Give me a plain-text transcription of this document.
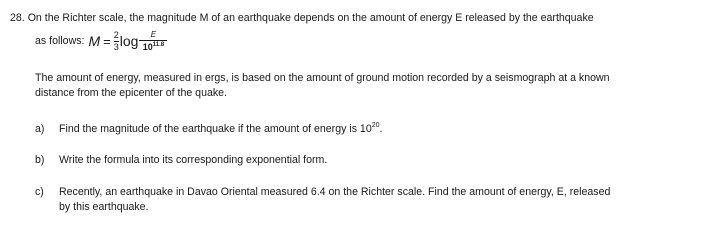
28. On the Richter scale, the magnitude M of an earthquake depends on the amount of energy E released by the earthquake
as follows: $M = \frac{2}{3}$ $\log \frac{E}{10^{11.8}}$
The amount of energy, measured in ergs, is based on the amount of ground motion recorded by a seismograph at a known
distance from the epicenter of the quake.
a) Find the magnitude of the earthquake if the amount of energy is $10^{20}$.
b) Write the formula into its corresponding exponential form.
c) Recently, an earthquake in Davao Oriental measured 6.4 on the Richter scale. Find the amount of energy, E, released
by this earthquake.
